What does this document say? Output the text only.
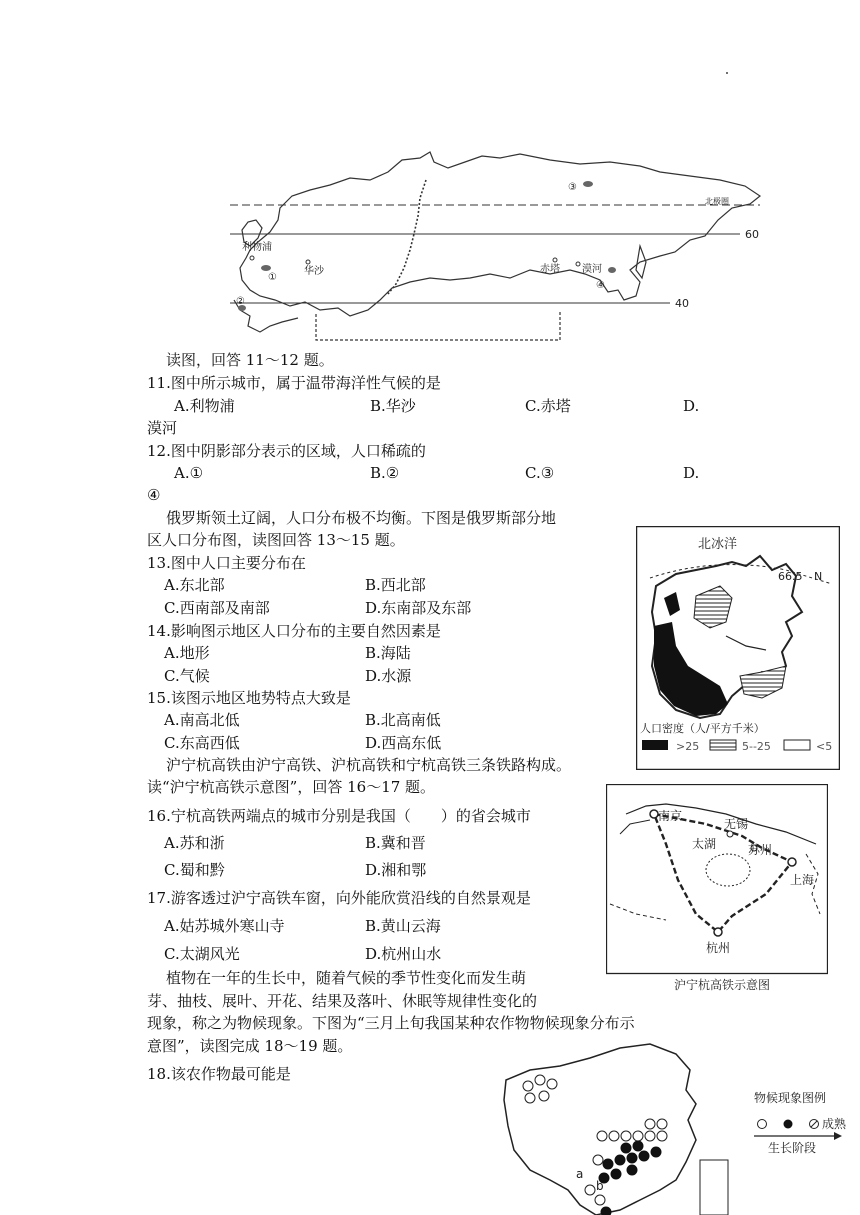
利物浦
华沙	赤塔 漠河
①
②
③
④
北极圈
60
40
读图，回答 11～12 题。
11.图中所示城市，属于温带海洋性气候的是
A.利物浦	B.华沙	C.赤塔	D.
漠河
12.图中阴影部分表示的区域，人口稀疏的
A.①	B.②	C.③	D.
④
俄罗斯领土辽阔，人口分布极不均衡。下图是俄罗斯部分地
区人口分布图，读图回答 13～15 题。
13.图中人口主要分布在
A.东北部	B.西北部
C.西南部及南部	D.东南部及东部
14.影响图示地区人口分布的主要自然因素是
A.地形	B.海陆
C.气候	D.水源
15.该图示地区地势特点大致是
A.南高北低	B.北高南低
C.东高西低	D.西高东低
北冰洋
66.5 N
人口密度（人/平方千米）
>25	5--25	<5
沪宁杭高铁由沪宁高铁、沪杭高铁和宁杭高铁三条铁路构成。
读“沪宁杭高铁示意图”，回答 16～17 题。
16.宁杭高铁两端点的城市分别是我国（　　）的省会城市
A.苏和浙	B.冀和晋
C.蜀和黔	D.湘和鄂
17.游客透过沪宁高铁车窗，向外能欣赏沿线的自然景观是
A.姑苏城外寒山寺	B.黄山云海
C.太湖风光	D.杭州山水
南京
无锡
太湖	苏州
上海
杭州
沪宁杭高铁示意图
植物在一年的生长中，随着气候的季节性变化而发生萌
芽、抽枝、展叶、开花、结果及落叶、休眠等规律性变化的
现象，称之为物候现象。下图为“三月上旬我国某种农作物物候现象分布示
意图”，读图完成 18～19 题。
18.该农作物最可能是
a
b
物候现象图例
成熟
生长阶段
